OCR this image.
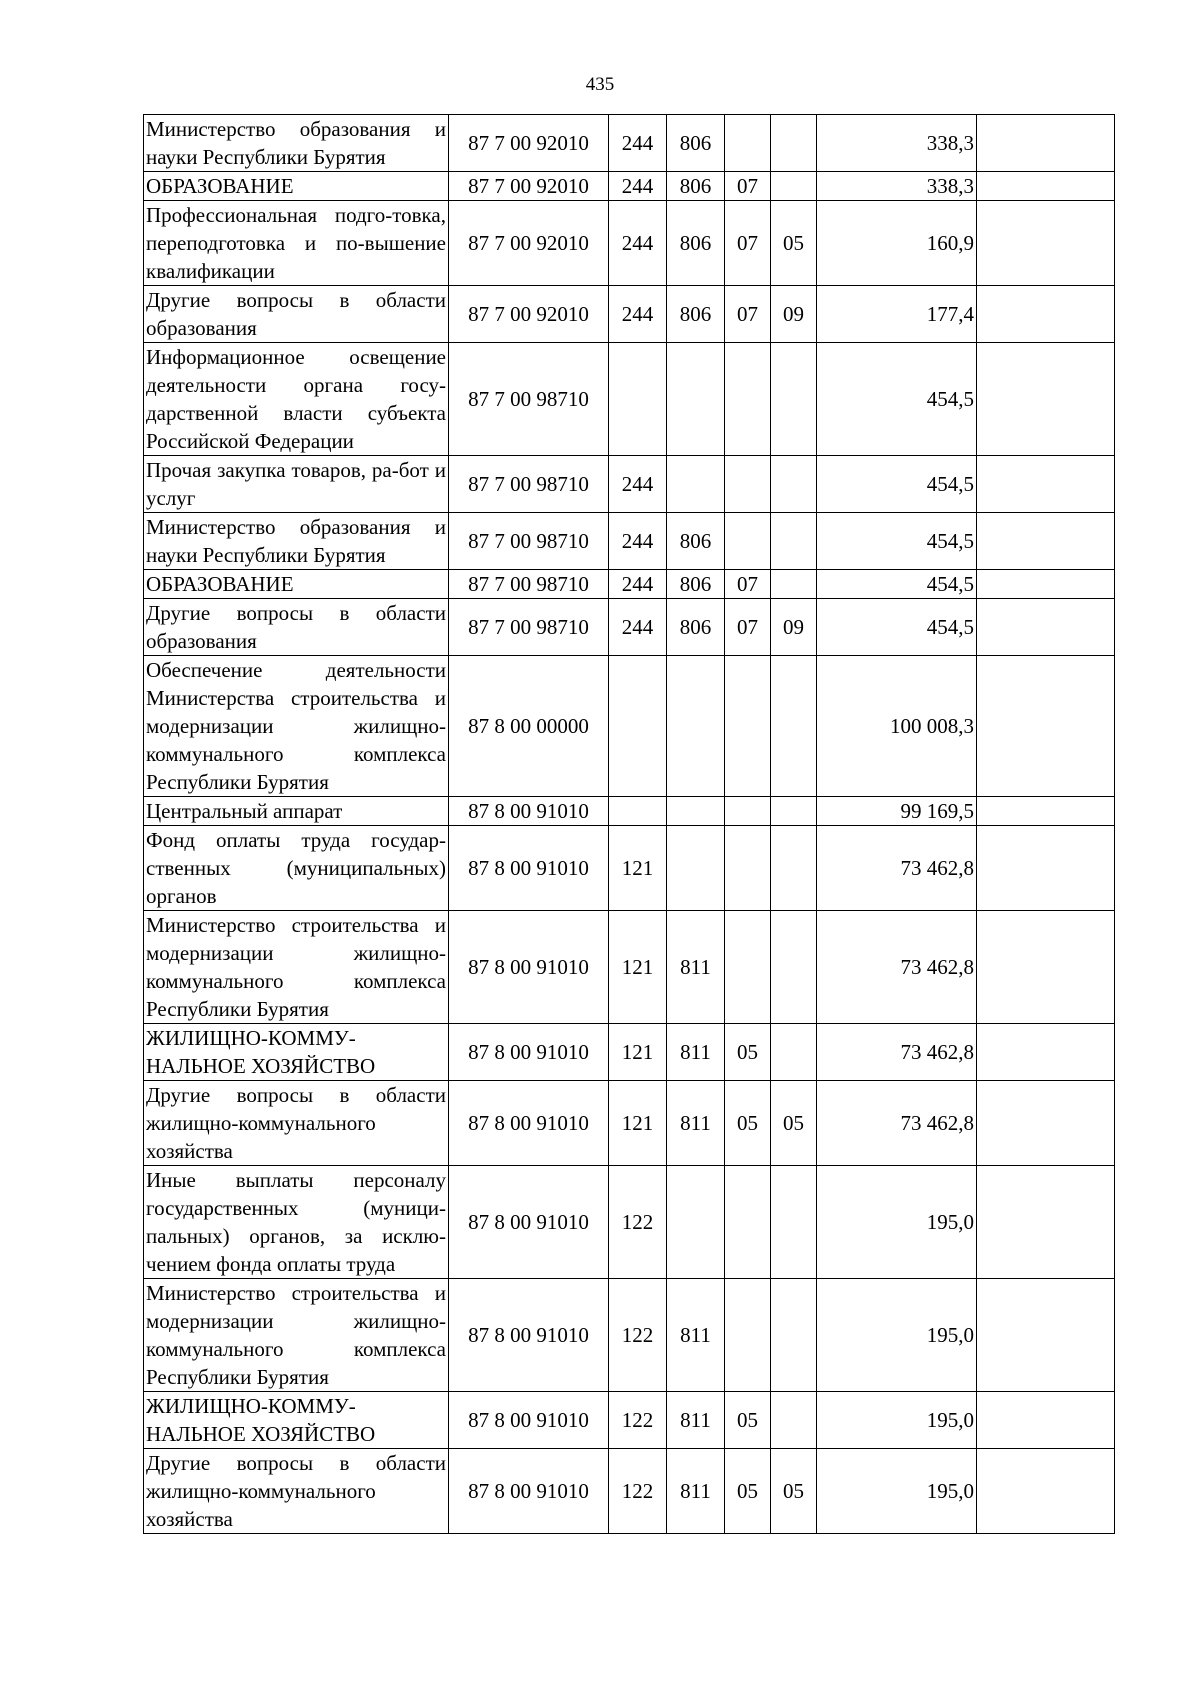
435
Министерство образования и науки Республики Бурятия	87 7 00 92010	244	806			338,3	
ОБРАЗОВАНИЕ	87 7 00 92010	244	806	07		338,3	
Профессиональная подго-товка, переподготовка и по-вышение квалификации	87 7 00 92010	244	806	07	05	160,9	
Другие вопросы в области образования	87 7 00 92010	244	806	07	09	177,4	
Информационное освещение деятельности органа госу-дарственной власти субъекта Российской Федерации	87 7 00 98710					454,5	
Прочая закупка товаров, ра-бот и услуг	87 7 00 98710	244				454,5	
Министерство образования и науки Республики Бурятия	87 7 00 98710	244	806			454,5	
ОБРАЗОВАНИЕ	87 7 00 98710	244	806	07		454,5	
Другие вопросы в области образования	87 7 00 98710	244	806	07	09	454,5	
Обеспечение деятельности Министерства строительства и модернизации жилищно-коммунального комплекса Республики Бурятия	87 8 00 00000					100 008,3	
Центральный аппарат	87 8 00 91010					99 169,5	
Фонд оплаты труда государ-ственных (муниципальных) органов	87 8 00 91010	121				73 462,8	
Министерство строительства и модернизации жилищно-коммунального комплекса Республики Бурятия	87 8 00 91010	121	811			73 462,8	
ЖИЛИЩНО-КОММУ-НАЛЬНОЕ ХОЗЯЙСТВО	87 8 00 91010	121	811	05		73 462,8	
Другие вопросы в области жилищно-коммунального хозяйства	87 8 00 91010	121	811	05	05	73 462,8	
Иные выплаты персоналу государственных (муници-пальных) органов, за исклю-чением фонда оплаты труда	87 8 00 91010	122				195,0	
Министерство строительства и модернизации жилищно-коммунального комплекса Республики Бурятия	87 8 00 91010	122	811			195,0	
ЖИЛИЩНО-КОММУ-НАЛЬНОЕ ХОЗЯЙСТВО	87 8 00 91010	122	811	05		195,0	
Другие вопросы в области жилищно-коммунального хозяйства	87 8 00 91010	122	811	05	05	195,0	
